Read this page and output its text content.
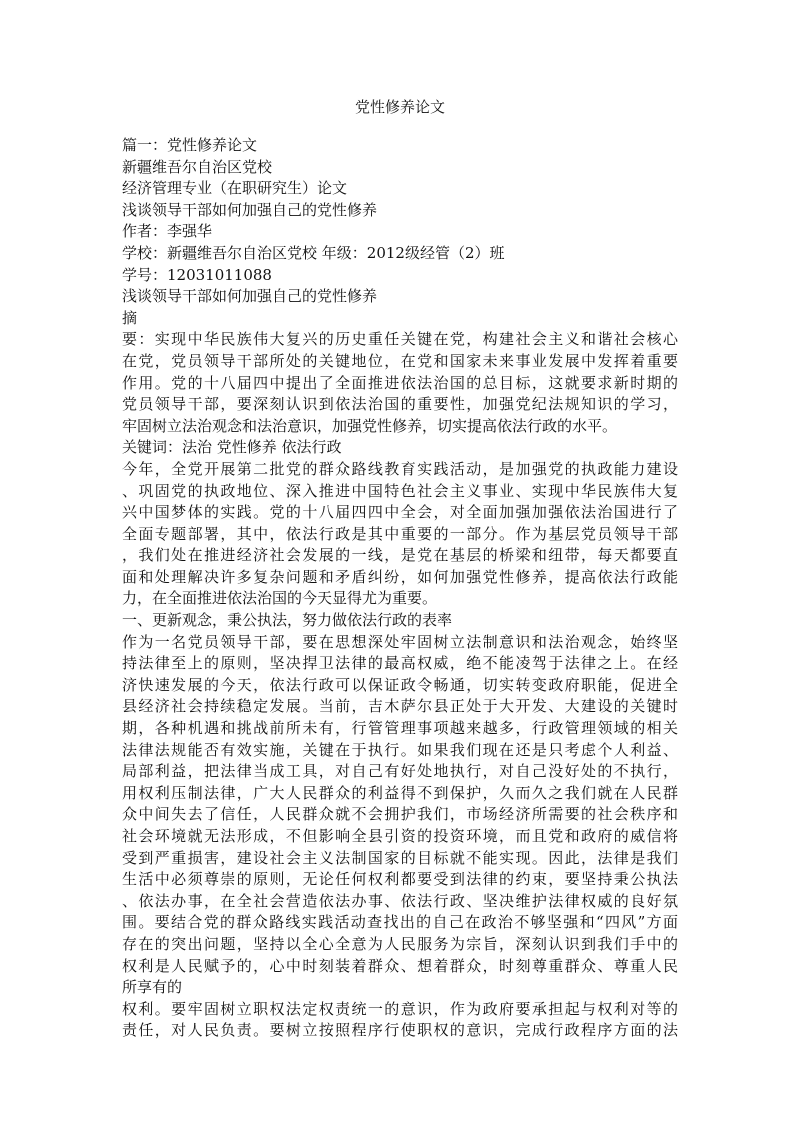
党性修养论文
篇一：党性修养论文
新疆维吾尔自治区党校
经济管理专业（在职研究生）论文
浅谈领导干部如何加强自己的党性修养
作者：李强华
学校：新疆维吾尔自治区党校 年级：2012级经管（2）班
学号：12031011088
浅谈领导干部如何加强自己的党性修养
摘
要：实现中华民族伟大复兴的历史重任关键在党，构建社会主义和谐社会核心
在党，党员领导干部所处的关键地位，在党和国家未来事业发展中发挥着重要
作用。党的十八届四中提出了全面推进依法治国的总目标，这就要求新时期的
党员领导干部，要深刻认识到依法治国的重要性，加强党纪法规知识的学习，
牢固树立法治观念和法治意识，加强党性修养，切实提高依法行政的水平。
关键词：法治 党性修养 依法行政
今年，全党开展第二批党的群众路线教育实践活动，是加强党的执政能力建设
、巩固党的执政地位、深入推进中国特色社会主义事业、实现中华民族伟大复
兴中国梦体的实践。党的十八届四四中全会，对全面加强加强依法治国进行了
全面专题部署，其中，依法行政是其中重要的一部分。作为基层党员领导干部
，我们处在推进经济社会发展的一线，是党在基层的桥梁和纽带，每天都要直
面和处理解决许多复杂问题和矛盾纠纷，如何加强党性修养，提高依法行政能
力，在全面推进依法治国的今天显得尤为重要。
一、更新观念，秉公执法，努力做依法行政的表率
作为一名党员领导干部，要在思想深处牢固树立法制意识和法治观念，始终坚
持法律至上的原则，坚决捍卫法律的最高权威，绝不能凌驾于法律之上。在经
济快速发展的今天，依法行政可以保证政令畅通，切实转变政府职能，促进全
县经济社会持续稳定发展。当前，吉木萨尔县正处于大开发、大建设的关键时
期，各种机遇和挑战前所未有，行管管理事项越来越多，行政管理领域的相关
法律法规能否有效实施，关键在于执行。如果我们现在还是只考虑个人利益、
局部利益，把法律当成工具，对自己有好处地执行，对自己没好处的不执行，
用权利压制法律，广大人民群众的利益得不到保护，久而久之我们就在人民群
众中间失去了信任，人民群众就不会拥护我们，市场经济所需要的社会秩序和
社会环境就无法形成，不但影响全县引资的投资环境，而且党和政府的威信将
受到严重损害，建设社会主义法制国家的目标就不能实现。因此，法律是我们
生活中必须尊崇的原则，无论任何权利都要受到法律的约束，要坚持秉公执法
、依法办事，在全社会营造依法办事、依法行政、坚决维护法律权威的良好氛
围。要结合党的群众路线实践活动查找出的自己在政治不够坚强和“四风”方面
存在的突出问题，坚持以全心全意为人民服务为宗旨，深刻认识到我们手中的
权利是人民赋予的，心中时刻装着群众、想着群众，时刻尊重群众、尊重人民
所享有的
权利。要牢固树立职权法定权责统一的意识，作为政府要承担起与权利对等的
责任，对人民负责。要树立按照程序行使职权的意识，完成行政程序方面的法
